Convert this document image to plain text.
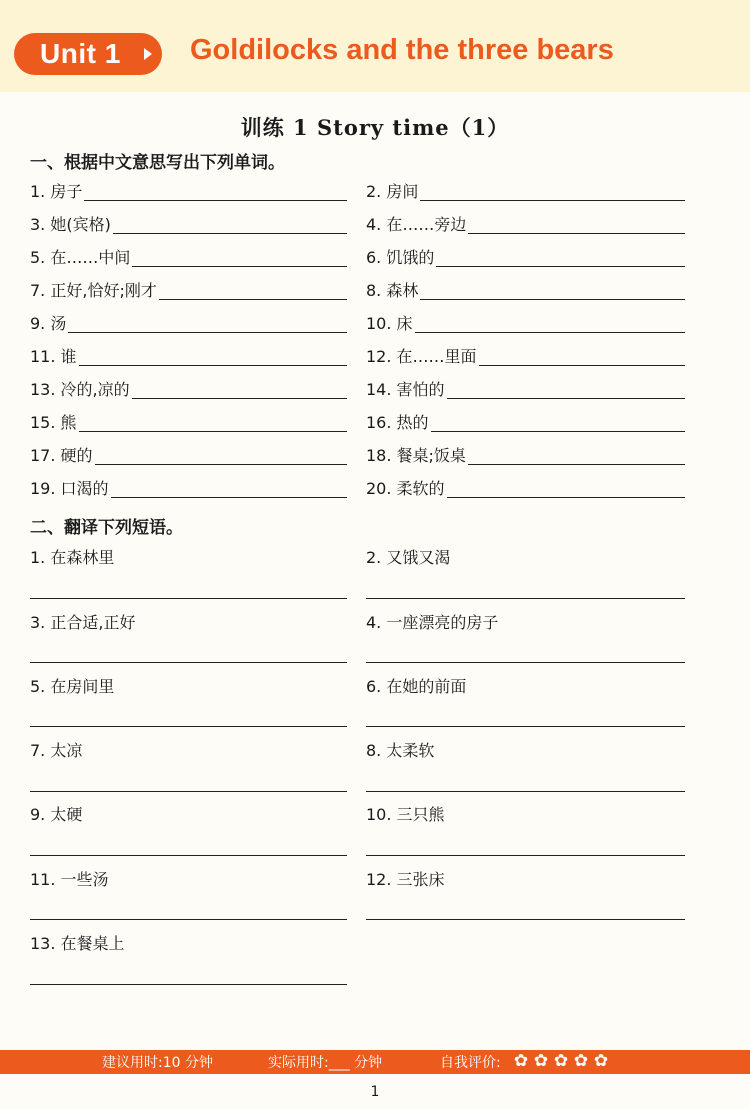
Unit 1 Goldilocks and the three bears
训练 1 Story time（1）
一、根据中文意思写出下列单词。
1. 房子	2. 房间
3. 她(宾格)	4. 在……旁边
5. 在……中间	6. 饥饿的
7. 正好,恰好;刚才	8. 森林
9. 汤	10. 床
11. 谁	12. 在……里面
13. 冷的,凉的	14. 害怕的
15. 熊	16. 热的
17. 硬的	18. 餐桌;饭桌
19. 口渴的	20. 柔软的
二、翻译下列短语。
1. 在森林里	2. 又饿又渴
3. 正合适,正好	4. 一座漂亮的房子
5. 在房间里	6. 在她的前面
7. 太凉	8. 太柔软
9. 太硬	10. 三只熊
11. 一些汤	12. 三张床
13. 在餐桌上
建议用时:10 分钟	实际用时:___ 分钟	自我评价: ✿ ✿ ✿ ✿ ✿
1
